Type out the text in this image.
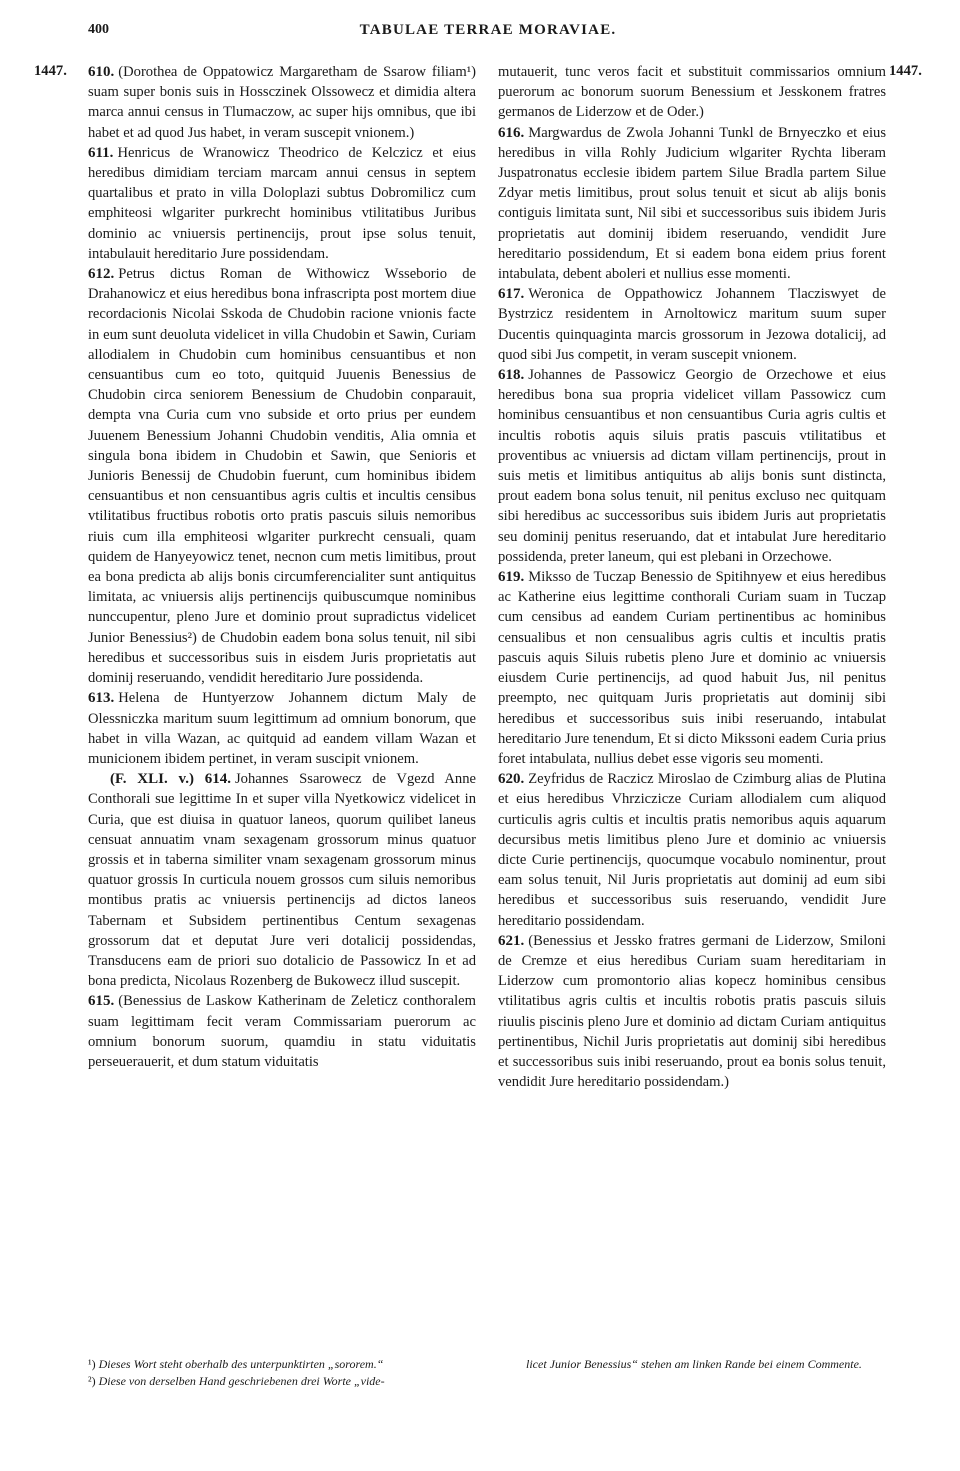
400	TABULAE TERRAE MORAVIAE.
1447.	1447.

610. (Dorothea de Oppatowicz Margaretham de Ssarow filiam¹) suam super bonis suis in Hossczinek Olssowecz et dimidia altera marca annui census in Tlumaczow, ac super hijs omnibus, que ibi habet et ad quod Jus habet, in veram suscepit vnionem.)

611. Henricus de Wranowicz Theodrico de Kelczicz et eius heredibus dimidiam terciam marcam annui census in septem quartalibus et prato in villa Doloplazi subtus Dobromilicz cum emphiteosi wlgariter purkrecht hominibus vtilitatibus Juribus dominio ac vniuersis pertinencijs, prout ipse solus tenuit, intabulauit hereditario Jure possidendam.

612. Petrus dictus Roman de Withowicz Wsseborio de Drahanowicz et eius heredibus bona infrascripta post mortem diue recordacionis Nicolai Sskoda de Chudobin racione vnionis facte in eum sunt deuoluta videlicet in villa Chudobin et Sawin, Curiam allodialem in Chudobin cum hominibus censuantibus et non censuantibus cum eo toto, quitquid Juuenis Benessius de Chudobin circa seniorem Benessium de Chudobin conparauit, dempta vna Curia cum vno subside et orto prius per eundem Juuenem Benessium Johanni Chudobin venditis, Alia omnia et singula bona ibidem in Chudobin et Sawin, que Senioris et Junioris Benessij de Chudobin fuerunt, cum hominibus ibidem censuantibus et non censuantibus agris cultis et incultis censibus vtilitatibus fructibus robotis orto pratis pascuis siluis nemoribus riuis cum illa emphiteosi wlgariter purkrecht censuali, quam quidem de Hanyeyowicz tenet, necnon cum metis limitibus, prout ea bona predicta ab alijs bonis circumferencialiter sunt antiquitus limitata, ac vniuersis alijs pertinencijs quibuscumque nominibus nunccupentur, pleno Jure et dominio prout supradictus videlicet Junior Benessius²) de Chudobin eadem bona solus tenuit, nil sibi heredibus et successoribus suis in eisdem Juris proprietatis aut dominij reseruando, vendidit hereditario Jure possidenda.

613. Helena de Huntyerzow Johannem dictum Maly de Olessniczka maritum suum legittimum ad omnium bonorum, que habet in villa Wazan, ac quitquid ad eandem villam Wazan et municionem ibidem pertinet, in veram suscipit vnionem.

(F. XLI. v.) 614. Johannes Ssarowecz de Vgezd Anne Conthorali sue legittime In et super villa Nyetkowicz videlicet in Curia, que est diuisa in quatuor laneos, quorum quilibet laneus censuat annuatim vnam sexagenam grossorum minus quatuor grossis et in taberna similiter vnam sexagenam grossorum minus quatuor grossis In curticula nouem grossos cum siluis nemoribus montibus pratis ac vniuersis pertinencijs ad dictos laneos Tabernam et Subsidem pertinentibus Centum sexagenas grossorum dat et deputat Jure veri dotalicij possidendas, Transducens eam de priori suo dotalicio de Passowicz In et ad bona predicta, Nicolaus Rozenberg de Bukowecz illud suscepit.

615. (Benessius de Laskow Katherinam de Zeleticz conthoralem suam legittimam fecit veram Commissariam puerorum ac omnium bonorum suorum, quamdiu in statu viduitatis perseuerauerit, et dum statum viduitatis

mutauerit, tunc veros facit et substituit commissarios omnium puerorum ac bonorum suorum Benessium et Jesskonem fratres germanos de Liderzow et de Oder.)

616. Margwardus de Zwola Johanni Tunkl de Brnyeczko et eius heredibus in villa Rohly Judicium wlgariter Rychta liberam Juspatronatus ecclesie ibidem partem Silue Bradla partem Silue Zdyar metis limitibus, prout solus tenuit et sicut ab alijs bonis contiguis limitata sunt, Nil sibi et successoribus suis ibidem Juris proprietatis aut dominij ibidem reseruando, vendidit Jure hereditario possidendum, Et si eadem bona eidem prius forent intabulata, debent aboleri et nullius esse momenti.

617. Weronica de Oppathowicz Johannem Tlacziswyet de Bystrzicz residentem in Arnoltowicz maritum suum super Ducentis quinquaginta marcis grossorum in Jezowa dotalicij, ad quod sibi Jus competit, in veram suscepit vnionem.

618. Johannes de Passowicz Georgio de Orzechowe et eius heredibus bona sua propria videlicet villam Passowicz cum hominibus censuantibus et non censuantibus Curia agris cultis et incultis robotis aquis siluis pratis pascuis vtilitatibus et proventibus ac vniuersis ad dictam villam pertinencijs, prout in suis metis et limitibus antiquitus ab alijs bonis sunt distincta, prout eadem bona solus tenuit, nil penitus excluso nec quitquam sibi heredibus ac successoribus suis ibidem Juris aut proprietatis seu dominij penitus reseruando, dat et intabulat Jure hereditario possidenda, preter laneum, qui est plebani in Orzechowe.

619. Miksso de Tuczap Benessio de Spitihnyew et eius heredibus ac Katherine eius legittime conthorali Curiam suam in Tuczap cum censibus ad eandem Curiam pertinentibus ac hominibus censualibus et non censualibus agris cultis et incultis pratis pascuis aquis Siluis rubetis pleno Jure et dominio ac vniuersis eiusdem Curie pertinencijs, ad quod habuit Jus, nil penitus preempto, nec quitquam Juris proprietatis aut dominij sibi heredibus et successoribus suis inibi reseruando, intabulat hereditario Jure tenendum, Et si dicto Mikssoni eadem Curia prius foret intabulata, nullius debet esse vigoris seu momenti.

620. Zeyfridus de Raczicz Miroslao de Czimburg alias de Plutina et eius heredibus Vhrziczicze Curiam allodialem cum aliquod curticulis agris cultis et incultis pratis nemoribus aquis aquarum decursibus metis limitibus pleno Jure et dominio ac vniuersis dicte Curie pertinencijs, quocumque vocabulo nominentur, prout eam solus tenuit, Nil Juris proprietatis aut dominij ad eum sibi heredibus et successoribus suis reseruando, vendidit Jure hereditario possidendam.

621. (Benessius et Jessko fratres germani de Liderzow, Smiloni de Cremze et eius heredibus Curiam suam hereditariam in Liderzow cum promontorio alias kopecz hominibus censibus vtilitatibus agris cultis et incultis robotis pratis pascuis siluis riuulis piscinis pleno Jure et dominio ad dictam Curiam antiquitus pertinentibus, Nichil Juris proprietatis aut dominij sibi heredibus et successoribus suis inibi reseruando, prout ea bonis solus tenuit, vendidit Jure hereditario possidendam.)

¹) Dieses Wort steht oberhalb des unterpunktirten „sororem.“

²) Diese von derselben Hand geschriebenen drei Worte „vide-

licet Junior Benessius“ stehen am linken Rande bei einem Commente.
